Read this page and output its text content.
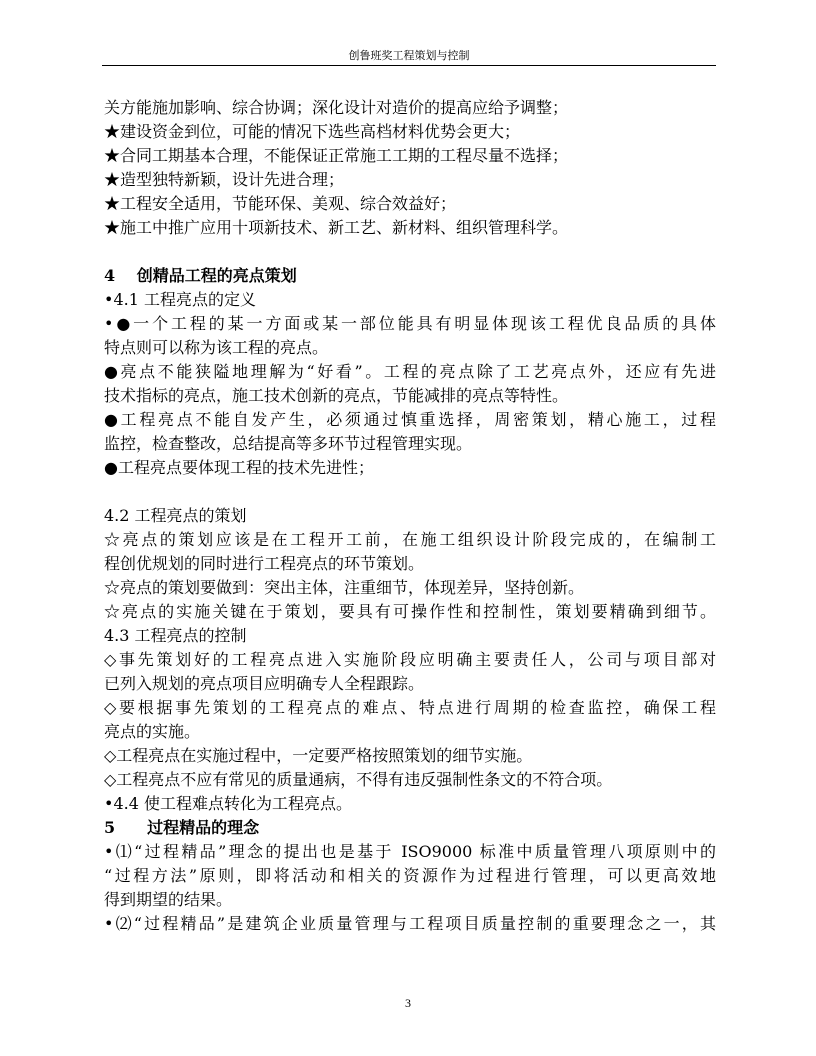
创鲁班奖工程策划与控制
关方能施加影响、综合协调；深化设计对造价的提高应给予调整；
★建设资金到位，可能的情况下选些高档材料优势会更大；
★合同工期基本合理，不能保证正常施工工期的工程尽量不选择；
★造型独特新颖，设计先进合理；
★工程安全适用，节能环保、美观、综合效益好；
★施工中推广应用十项新技术、新工艺、新材料、组织管理科学。
4　 创精品工程的亮点策划
•4.1 工程亮点的定义
•●一个工程的某一方面或某一部位能具有明显体现该工程优良品质的具体
特点则可以称为该工程的亮点。
●亮点不能狭隘地理解为“好看”。工程的亮点除了工艺亮点外，还应有先进
技术指标的亮点，施工技术创新的亮点，节能减排的亮点等特性。
●工程亮点不能自发产生，必须通过慎重选择，周密策划，精心施工，过程
监控，检查整改，总结提高等多环节过程管理实现。
●工程亮点要体现工程的技术先进性；
4.2 工程亮点的策划
☆亮点的策划应该是在工程开工前，在施工组织设计阶段完成的，在编制工
程创优规划的同时进行工程亮点的环节策划。
☆亮点的策划要做到：突出主体，注重细节，体现差异，坚持创新。
☆亮点的实施关键在于策划，要具有可操作性和控制性，策划要精确到细节。
4.3 工程亮点的控制
◇事先策划好的工程亮点进入实施阶段应明确主要责任人，公司与项目部对
已列入规划的亮点项目应明确专人全程跟踪。
◇要根据事先策划的工程亮点的难点、特点进行周期的检查监控，确保工程
亮点的实施。
◇工程亮点在实施过程中，一定要严格按照策划的细节实施。
◇工程亮点不应有常见的质量通病，不得有违反强制性条文的不符合项。
•4.4 使工程难点转化为工程亮点。
5　　过程精品的理念
•⑴“过程精品”理念的提出也是基于 ISO9000 标准中质量管理八项原则中的
“过程方法”原则，即将活动和相关的资源作为过程进行管理，可以更高效地
得到期望的结果。
•⑵“过程精品”是建筑企业质量管理与工程项目质量控制的重要理念之一，其
3
